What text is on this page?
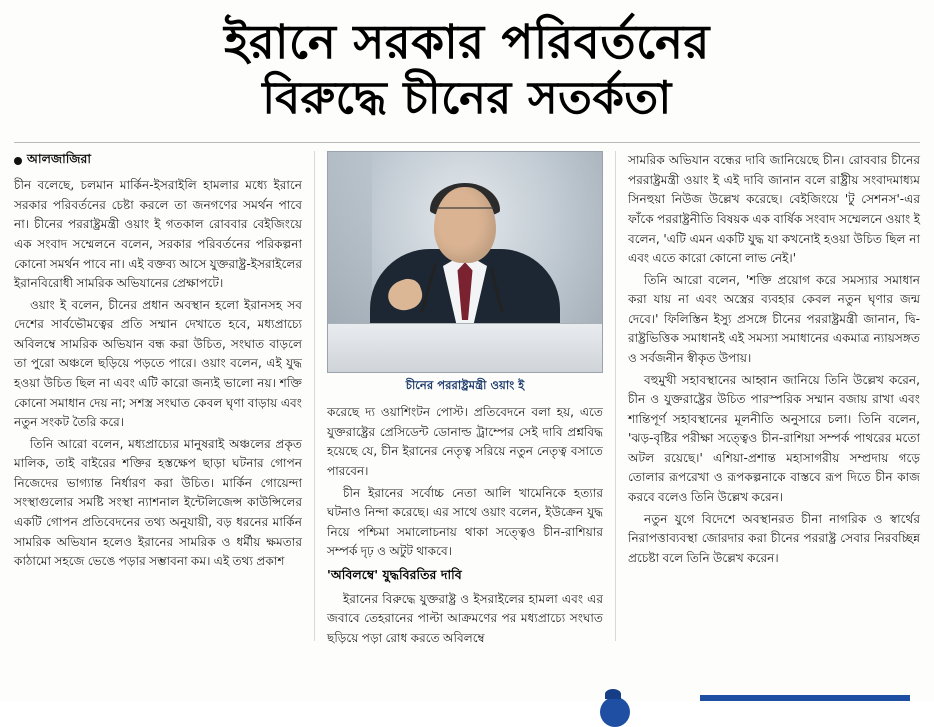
ইরানে সরকার পরিবর্তনের
বিরুদ্ধে চীনের সতর্কতা
আলজাজিরা

চীন বলেছে, চলমান মার্কিন-ইসরাইলি হামলার মধ্যে ইরানে সরকার পরিবর্তনের চেষ্টা করলে তা জনগণের সমর্থন পাবে না। চীনের পররাষ্ট্রমন্ত্রী ওয়াং ই গতকাল রোববার বেইজিংয়ে এক সংবাদ সম্মেলনে বলেন, সরকার পরিবর্তনের পরিকল্পনা কোনো সমর্থন পাবে না। এই বক্তব্য আসে যুক্তরাষ্ট্র-ইসরাইলের ইরানবিরোধী সামরিক অভিযানের প্রেক্ষাপটে।

ওয়াং ই বলেন, চীনের প্রধান অবস্থান হলো ইরানসহ সব দেশের সার্বভৌমত্বের প্রতি সম্মান দেখাতে হবে, মধ্যপ্রাচ্যে অবিলম্বে সামরিক অভিযান বন্ধ করা উচিত, সংঘাত বাড়লে তা পুরো অঞ্চলে ছড়িয়ে পড়তে পারে। ওয়াং বলেন, এই যুদ্ধ হওয়া উচিত ছিল না এবং এটি কারো জন্যই ভালো নয়। শক্তি কোনো সমাধান দেয় না; সশস্ত্র সংঘাত কেবল ঘৃণা বাড়ায় এবং নতুন সংকট তৈরি করে।

তিনি আরো বলেন, মধ্যপ্রাচ্যের মানুষরাই অঞ্চলের প্রকৃত মালিক, তাই বাইরের শক্তির হস্তক্ষেপ ছাড়া ঘটনার গোপন নিজেদের ভাগ্যান্ত নির্ধারণ করা উচিত। মার্কিন গোয়েন্দা সংস্থাগুলোর সমষ্টি সংস্থা ন্যাশনাল ইন্টেলিজেন্স কাউন্সিলের একটি গোপন প্রতিবেদনের তথ্য অনুযায়ী, বড় ধরনের মার্কিন সামরিক অভিযান হলেও ইরানের সামরিক ও ধর্মীয় ক্ষমতার কাঠামো সহজে ভেঙে পড়ার সম্ভাবনা কম। এই তথ্য প্রকাশ

চীনের পররাষ্ট্রমন্ত্রী ওয়াং ই

করেছে দ্য ওয়াশিংটন পোস্ট। প্রতিবেদনে বলা হয়, এতে যুক্তরাষ্ট্রের প্রেসিডেন্ট ডোনাল্ড ট্রাম্পের সেই দাবি প্রশ্নবিদ্ধ হয়েছে যে, চীন ইরানের নেতৃত্ব সরিয়ে নতুন নেতৃত্ব বসাতে পারবেন।

চীন ইরানের সর্বোচ্চ নেতা আলি খামেনিকে হত্যার ঘটনাও নিন্দা করেছে। এর সাথে ওয়াং বলেন, ইউক্রেন যুদ্ধ নিয়ে পশ্চিমা সমালোচনায় থাকা সত্ত্বেও চীন-রাশিয়ার সম্পর্ক দৃঢ় ও অটুট থাকবে।

'অবিলম্বে' যুদ্ধবিরতির দাবি

ইরানের বিরুদ্ধে যুক্তরাষ্ট্র ও ইসরাইলের হামলা এবং এর জবাবে তেহরানের পাল্টা আক্রমণের পর মধ্যপ্রাচ্যে সংঘাত ছড়িয়ে পড়া রোধ করতে অবিলম্বে

সামরিক অভিযান বন্ধের দাবি জানিয়েছে চীন। রোববার চীনের পররাষ্ট্রমন্ত্রী ওয়াং ই এই দাবি জানান বলে রাষ্ট্রীয় সংবাদমাধ্যম সিনহুয়া নিউজ উল্লেখ করেছে। বেইজিংয়ে 'টু সেশনস'-এর ফাঁকে পররাষ্ট্রনীতি বিষয়ক এক বার্ষিক সংবাদ সম্মেলনে ওয়াং ই বলেন, 'এটি এমন একটি যুদ্ধ যা কখনোই হওয়া উচিত ছিল না এবং এতে কারো কোনো লাভ নেই।'

তিনি আরো বলেন, 'শক্তি প্রয়োগ করে সমস্যার সমাধান করা যায় না এবং অস্ত্রের ব্যবহার কেবল নতুন ঘৃণার জন্ম দেবে।' ফিলিস্তিন ইস্যু প্রসঙ্গে চীনের পররাষ্ট্রমন্ত্রী জানান, দ্বি-রাষ্ট্রভিত্তিক সমাধানই এই সমস্যা সমাধানের একমাত্র ন্যায়সঙ্গত ও সর্বজনীন স্বীকৃত উপায়।

বহুমুখী সহাবস্থানের আহ্বান জানিয়ে তিনি উল্লেখ করেন, চীন ও যুক্তরাষ্ট্রের উচিত পারস্পরিক সম্মান বজায় রাখা এবং শান্তিপূর্ণ সহাবস্থানের মূলনীতি অনুসারে চলা। তিনি বলেন, 'ঝড়-বৃষ্টির পরীক্ষা সত্ত্বেও চীন-রাশিয়া সম্পর্ক পাথরের মতো অটল রয়েছে।' এশিয়া-প্রশান্ত মহাসাগরীয় সম্প্রদায় গড়ে তোলার রূপরেখা ও রূপকল্পনাকে বাস্তবে রূপ দিতে চীন কাজ করবে বলেও তিনি উল্লেখ করেন।

নতুন যুগে বিদেশে অবস্থানরত চীনা নাগরিক ও স্বার্থের নিরাপত্তাব্যবস্থা জোরদার করা চীনের পররাষ্ট্র সেবার নিরবচ্ছিন্ন প্রচেষ্টা বলে তিনি উল্লেখ করেন।
